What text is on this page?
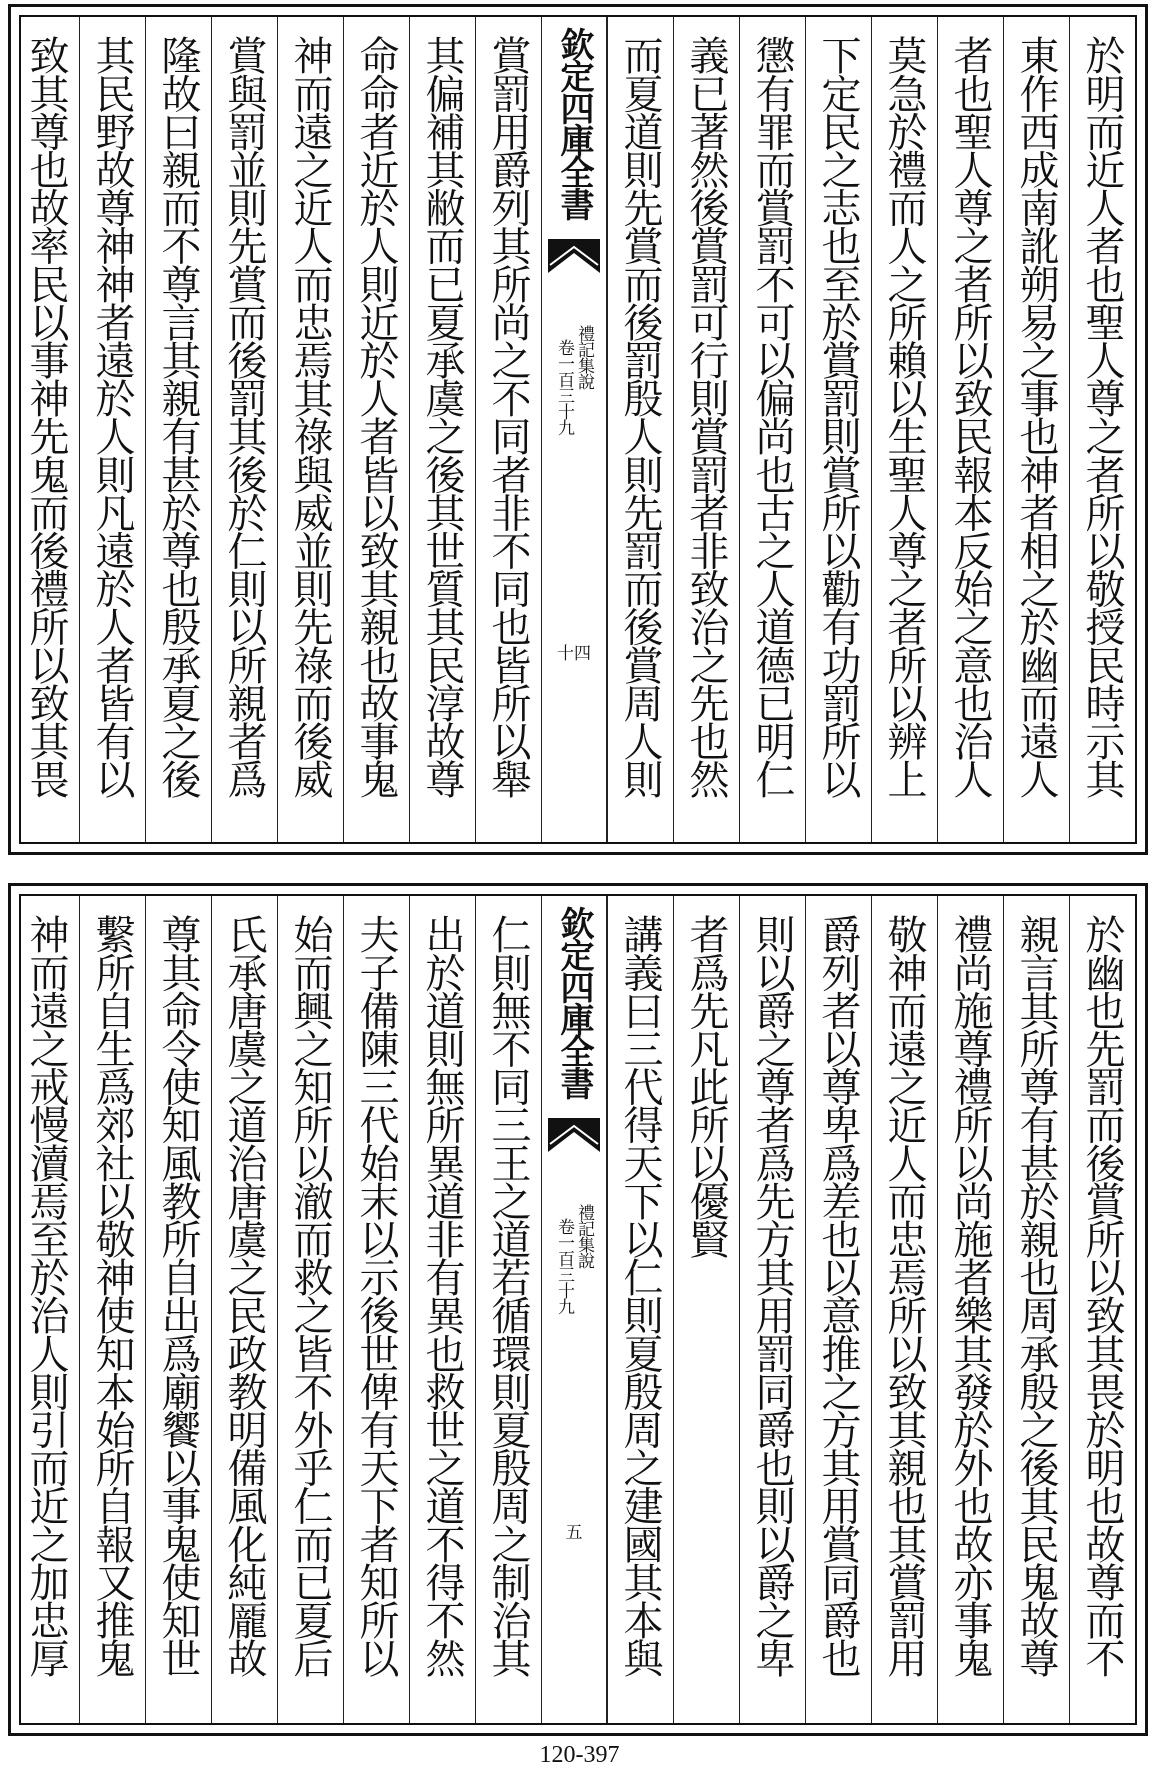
於明而近人者也聖人尊之者所以敬授民時示其
東作西成南訛朔易之事也神者相之於幽而遠人
者也聖人尊之者所以致民報本反始之意也治人
莫急於禮而人之所賴以生聖人尊之者所以辨上
下定民之志也至於賞罰則賞所以勸有功罰所以
懲有罪而賞罰不可以偏尚也古之人道德已明仁
義已著然後賞罰可行則賞罰者非致治之先也然
而夏道則先賞而後罰殷人則先罰而後賞周人則
欽定四庫全書
禮記集說
卷一百三十九
十四
賞罰用爵列其所尚之不同者非不同也皆所以舉
其偏補其敝而已夏承虞之後其世質其民淳故尊
命命者近於人則近於人者皆以致其親也故事鬼
神而遠之近人而忠焉其祿與威並則先祿而後威
賞與罰並則先賞而後罰其後於仁則以所親者爲
隆故曰親而不尊言其親有甚於尊也殷承夏之後
其民野故尊神神者遠於人則凡遠於人者皆有以
致其尊也故率民以事神先鬼而後禮所以致其畏
於幽也先罰而後賞所以致其畏於明也故尊而不
親言其所尊有甚於親也周承殷之後其民鬼故尊
禮尚施尊禮所以尚施者樂其發於外也故亦事鬼
敬神而遠之近人而忠焉所以致其親也其賞罰用
爵列者以尊卑爲差也以意推之方其用賞同爵也
則以爵之尊者爲先方其用罰同爵也則以爵之卑
者爲先凡此所以優賢
講義曰三代得天下以仁則夏殷周之建國其本與
欽定四庫全書
禮記集說
卷一百三十九
五
仁則無不同三王之道若循環則夏殷周之制治其
出於道則無所異道非有異也救世之道不得不然
夫子備陳三代始末以示後世俾有天下者知所以
始而興之知所以澈而救之皆不外乎仁而已夏后
氏承唐虞之道治唐虞之民政教明備風化純龎故
尊其命令使知風教所自出爲廟饗以事鬼使知世
繫所自生爲郊社以敬神使知本始所自報又推鬼
神而遠之戒慢瀆焉至於治人則引而近之加忠厚
120-397
